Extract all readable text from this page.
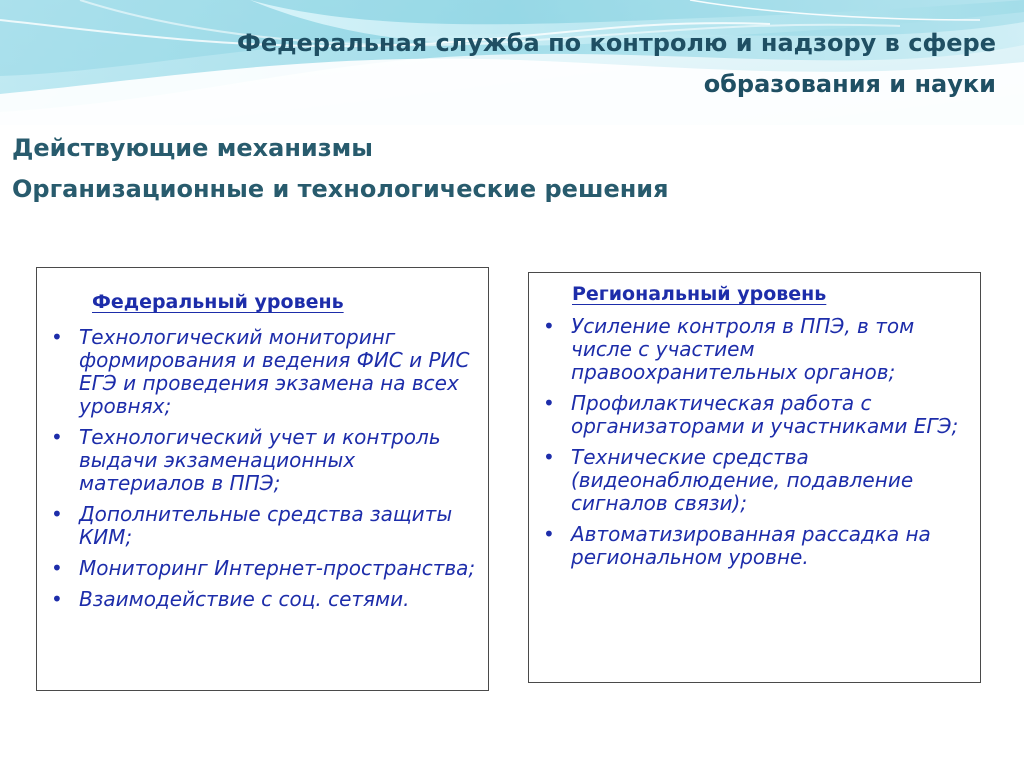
Федеральная служба по контролю и надзору в сфере
образования и науки
Действующие механизмы
Организационные и технологические решения
Федеральный уровень
• Технологический мониторинг формирования и ведения ФИС и РИС ЕГЭ и проведения экзамена на всех уровнях;
• Технологический учет и контроль выдачи экзаменационных материалов в ППЭ;
• Дополнительные средства защиты КИМ;
• Мониторинг Интернет-пространства;
• Взаимодействие с соц. сетями.
Региональный уровень
• Усиление контроля в ППЭ, в том числе с участием правоохранительных органов;
• Профилактическая работа с организаторами и участниками ЕГЭ;
• Технические средства (видеонаблюдение, подавление сигналов связи);
• Автоматизированная рассадка на региональном уровне.
